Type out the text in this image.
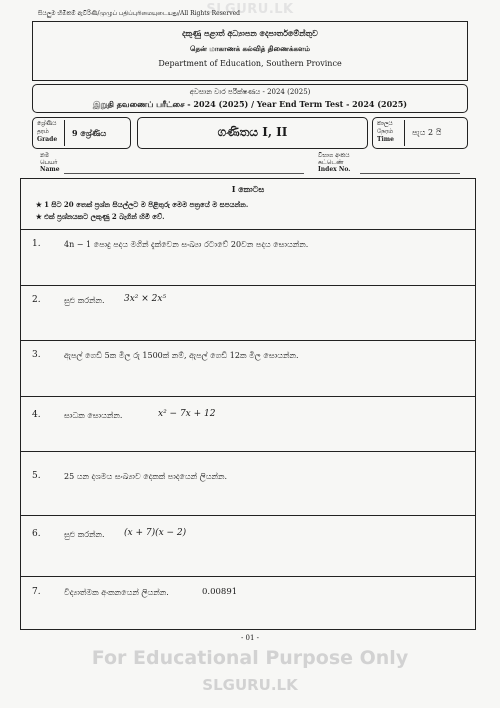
SLGURU.LK
සියලුම හිමිකම් ඇවිරිණි/முழுப் பதிப்புரிமையுடையது/All Rights Reserved
දකුණු පළාත් අධ්‍යාපන දෙපාර්තමේන්තුව
தென் மாகாணக் கல்வித் திணைக்களம்
Department of Education, Southern Province
අවසාන වාර පරීක්ෂණය - 2024 (2025)
இறுதி தவணைப் பரீட்சை - 2024 (2025) / Year End Term Test - 2024 (2025)
ශ්‍රේණිය
தரம்
Grade
9 ශ්‍රේණිය	ගණිතය I, II
කාලය
நேரம்
Time
පැය 2 යි
නම
பெயர்
Name
විභාග අංකය
சுட்டெண்
Index No.
I කොටස
★ 1 සිට 20 තෙක් ප්‍රශ්න සියල්ලට ම පිළිතුරු මෙම පත්‍රයේ ම සපයන්න.
★ එක් ප්‍රශ්නයකට ලකුණු 2 බැගින් හිමි වේ.
1.	4n − 1 පොදු පදය මගින් දැක්වෙන සංඛ්‍යා රටාවේ 20වන පදය සොයන්න.
2.	සුළු කරන්න. 3x² × 2x⁵
3.	ඇපල් ගෙඩි 5ක මිල රු 1500ක් නම්, ඇපල් ගෙඩි 12ක මිල සොයන්න.
4.	සාධක සොයන්න.	x² − 7x + 12
5.	25 යන දශමය සංඛ්‍යාව දෙකක් පාදයෙන් ලියන්න.
6.	සුළු කරන්න. (x + 7)(x − 2)
7.	විද්‍යාත්මක අංකනයෙන් ලියන්න.	0.00891
- 01 -
For Educational Purpose Only
SLGURU.LK
